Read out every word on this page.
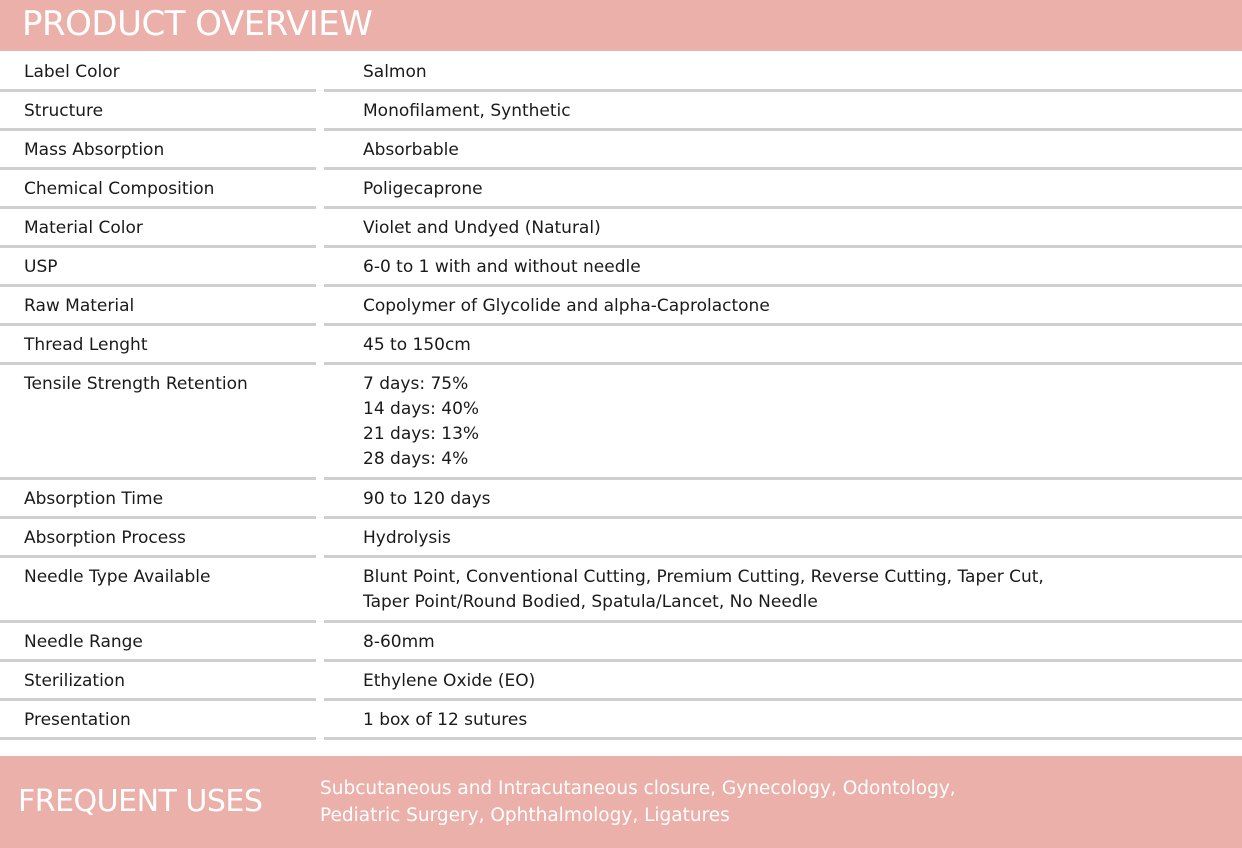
PRODUCT OVERVIEW
Label Color	Salmon
Structure	Monofilament, Synthetic
Mass Absorption	Absorbable
Chemical Composition	Poligecaprone
Material Color	Violet and Undyed (Natural)
USP	6-0 to 1 with and without needle
Raw Material	Copolymer of Glycolide and alpha-Caprolactone
Thread Lenght	45 to 150cm
Tensile Strength Retention	7 days: 75%
14 days: 40%
21 days: 13%
28 days: 4%
Absorption Time	90 to 120 days
Absorption Process	Hydrolysis
Needle Type Available	Blunt Point, Conventional Cutting, Premium Cutting, Reverse Cutting, Taper Cut,
Taper Point/Round Bodied, Spatula/Lancet, No Needle
Needle Range	8-60mm
Sterilization	Ethylene Oxide (EO)
Presentation	1 box of 12 sutures
FREQUENT USES	Subcutaneous and Intracutaneous closure, Gynecology, Odontology, Pediatric Surgery, Ophthalmology, Ligatures
